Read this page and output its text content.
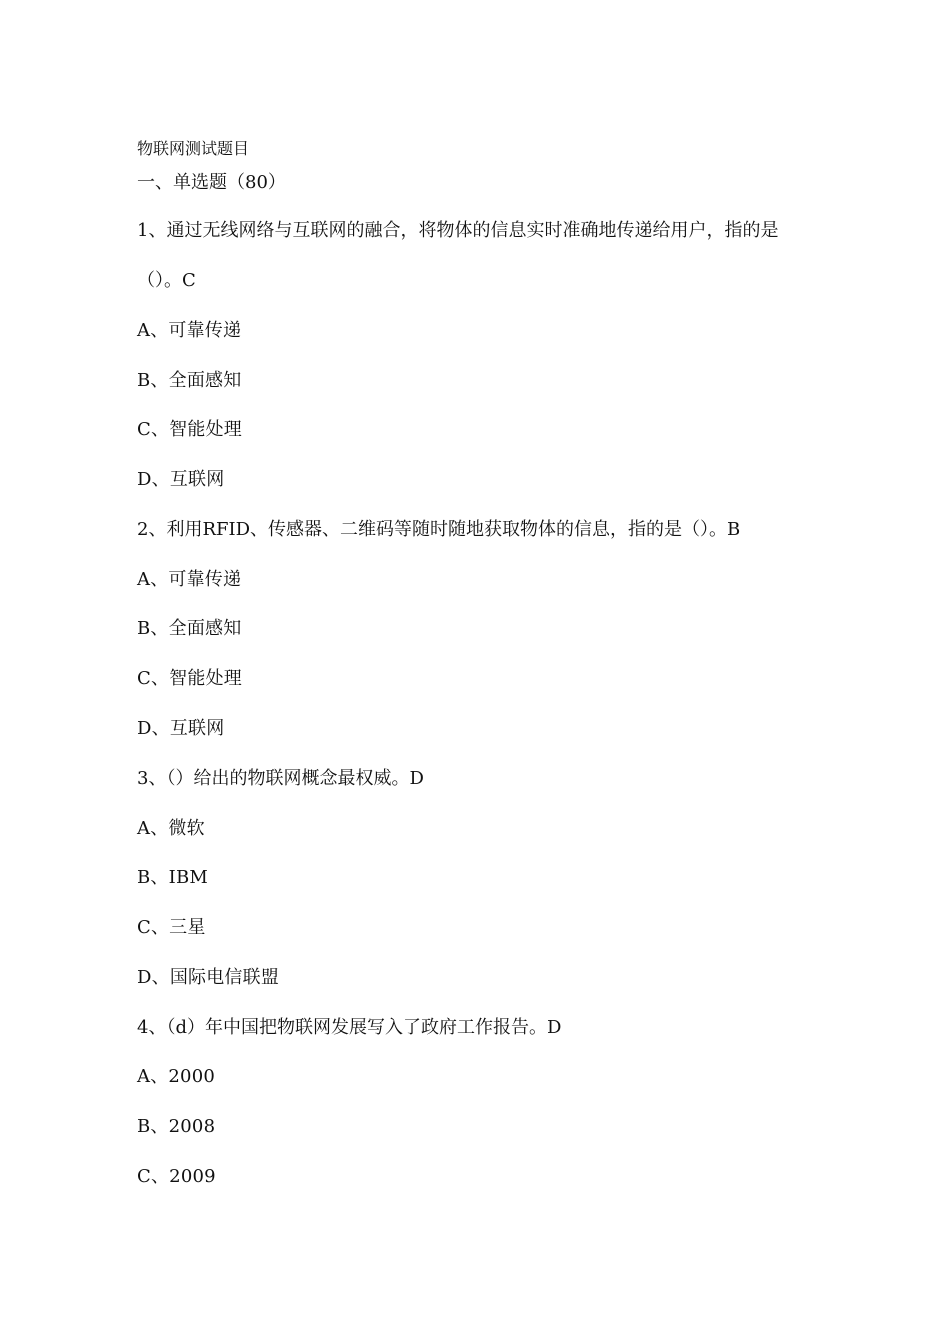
物联网测试题目
一、单选题（80）
1、通过无线网络与互联网的融合，将物体的信息实时准确地传递给用户，指的是
（）。C
A、可靠传递
B、全面感知
C、智能处理
D、互联网
2、利用RFID、传感器、二维码等随时随地获取物体的信息，指的是（）。B
A、可靠传递
B、全面感知
C、智能处理
D、互联网
3、（）给出的物联网概念最权威。D
A、微软
B、IBM
C、三星
D、国际电信联盟
4、（d）年中国把物联网发展写入了政府工作报告。D
A、2000
B、2008
C、2009
